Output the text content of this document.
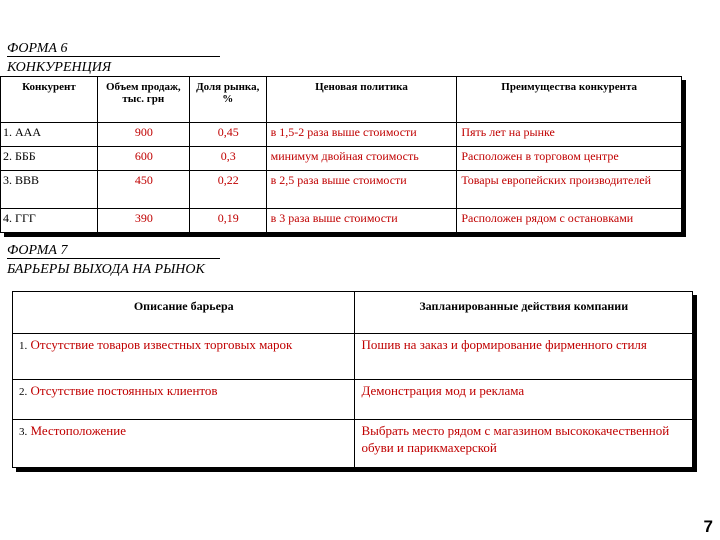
ФОРМА 6
КОНКУРЕНЦИЯ
Конкурент	Объем продаж, тыс. грн	Доля рынка, %	Ценовая политика	Преимущества конкурента
1. ААА	900	0,45	в 1,5-2 раза выше стоимости	Пять лет на рынке
2. БББ	600	0,3	минимум двойная стоимость	Расположен в торговом центре
3. ВВВ	450	0,22	в 2,5 раза выше стоимости	Товары европейских производителей
4. ГГГ	390	0,19	в 3 раза выше стоимости	Расположен рядом с остановками
ФОРМА 7
БАРЬЕРЫ ВЫХОДА НА РЫНОК
Описание барьера	Запланированные действия компании
1. Отсутствие товаров известных торговых марок	Пошив на заказ и формирование фирменного стиля
2. Отсутствие постоянных клиентов	Демонстрация мод и реклама
3. Местоположение	Выбрать место рядом с магазином высококачественной обуви и парикмахерской
7
